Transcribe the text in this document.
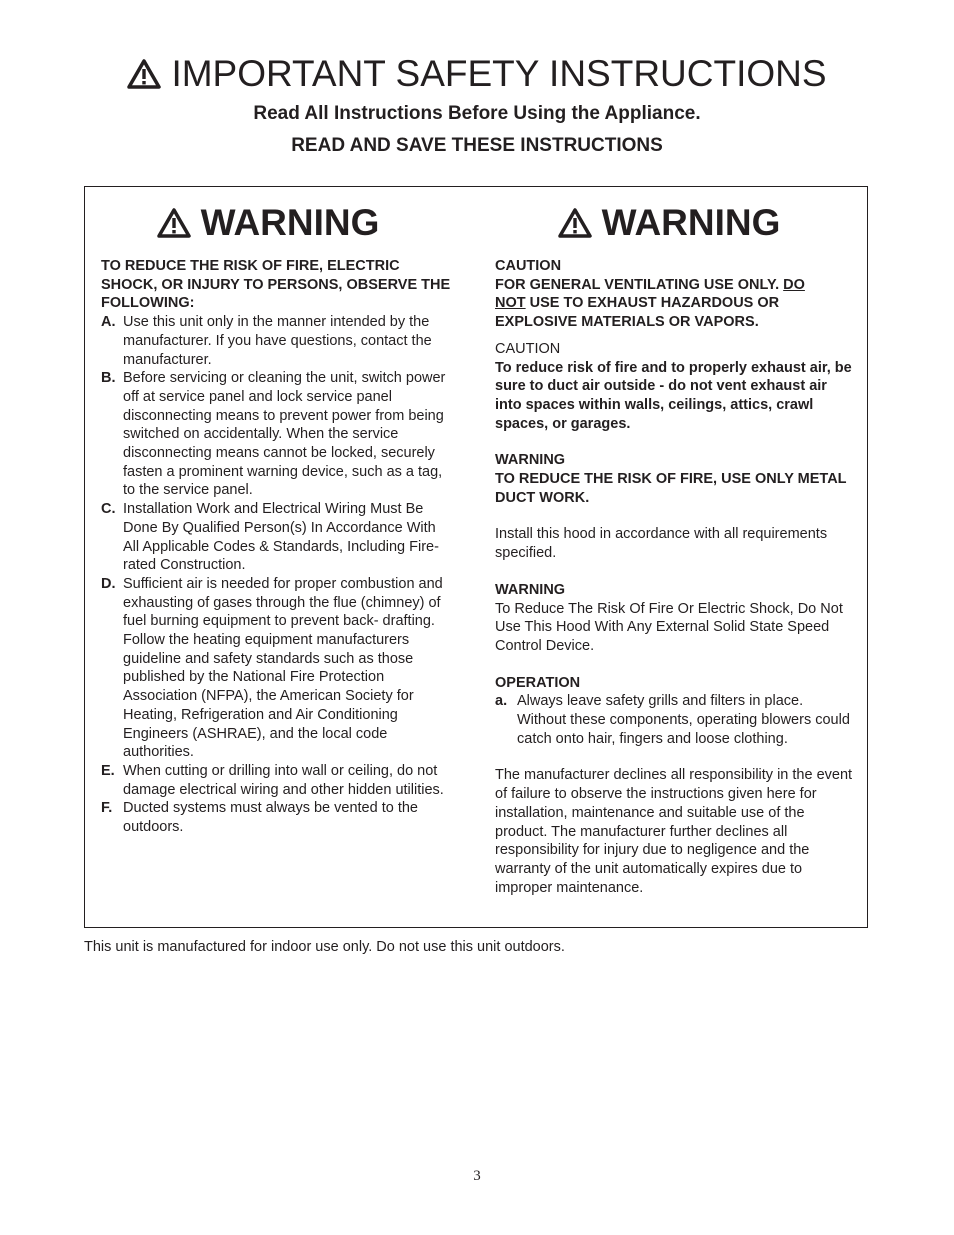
IMPORTANT SAFETY INSTRUCTIONS

Read All Instructions Before Using the Appliance.

READ AND SAVE THESE INSTRUCTIONS

WARNING

TO REDUCE THE RISK OF FIRE, ELECTRIC SHOCK, OR INJURY TO PERSONS, OBSERVE THE FOLLOWING:

A. Use this unit only in the manner intended by the manufacturer. If you have questions, contact the manufacturer.
B. Before servicing or cleaning the unit, switch power off at service panel and lock service panel disconnecting means to prevent power from being switched on accidentally. When the service disconnecting means cannot be locked, securely fasten a prominent warning device, such as a tag, to the service panel.
C. Installation Work and Electrical Wiring Must Be Done By Qualified Person(s) In Accordance With All Applicable Codes & Standards, Including Fire-rated Construction.
D. Sufficient air is needed for proper combustion and exhausting of gases through the flue (chimney) of fuel burning equipment to prevent back- drafting. Follow the heating equipment manufacturers guideline and safety standards such as those published by the National Fire Protection Association (NFPA), the American Society for Heating, Refrigeration and Air Conditioning Engineers (ASHRAE), and the local code authorities.
E. When cutting or drilling into wall or ceiling, do not damage electrical wiring and other hidden utilities.
F. Ducted systems must always be vented to the outdoors.
WARNING

CAUTION

FOR GENERAL VENTILATING USE ONLY. DO
NOT USE TO EXHAUST HAZARDOUS OR EXPLOSIVE MATERIALS OR VAPORS.

CAUTION

To reduce risk of fire and to properly exhaust air, be sure to duct air outside - do not vent exhaust air into spaces within walls, ceilings, attics, crawl spaces, or garages.

WARNING

TO REDUCE THE RISK OF FIRE, USE ONLY METAL DUCT WORK.

Install this hood in accordance with all requirements specified.

WARNING

To Reduce The Risk Of Fire Or Electric Shock, Do Not Use This Hood With Any External Solid State Speed Control Device.

OPERATION

a. Always leave safety grills and filters in place. Without these components, operating blowers could catch onto hair, fingers and loose clothing.

The manufacturer declines all responsibility in the event of failure to observe the instructions given here for installation, maintenance and suitable use of the product. The manufacturer further declines all responsibility for injury due to negligence and the warranty of the unit automatically expires due to improper maintenance.

This unit is manufactured for indoor use only. Do not use this unit outdoors.

3
